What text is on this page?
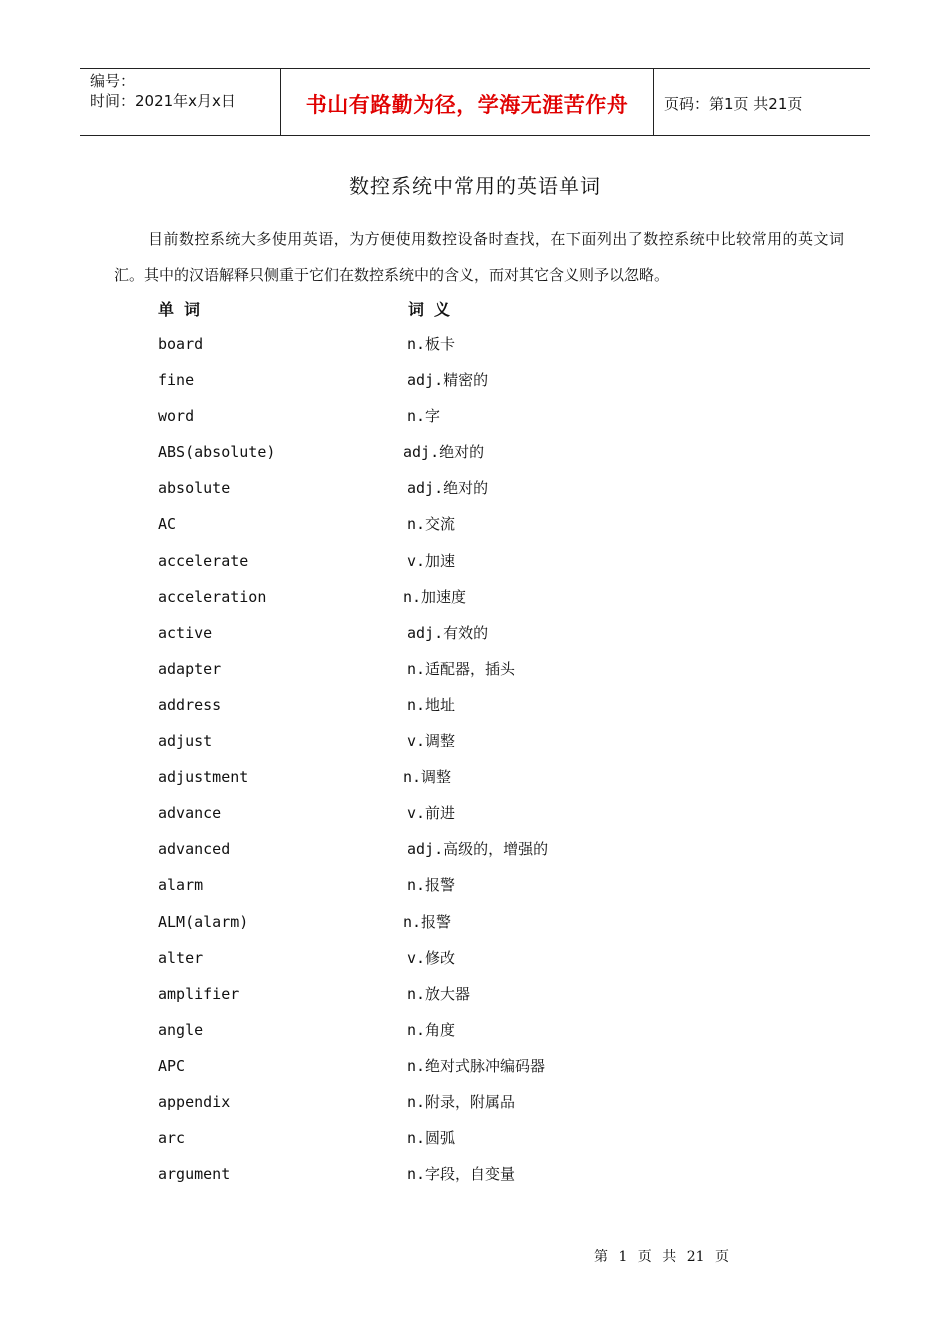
编号：
时间：2021年x月x日	书山有路勤为径，学海无涯苦作舟	页码：第1页 共21页
数控系统中常用的英语单词
目前数控系统大多使用英语，为方便使用数控设备时查找，在下面列出了数控系统中比较常用的英文词汇。其中的汉语解释只侧重于它们在数控系统中的含义，而对其它含义则予以忽略。
单词	词义
board	n.板卡
fine	adj.精密的
word	n.字
ABS(absolute)	adj.绝对的
absolute	adj.绝对的
AC	n.交流
accelerate	v.加速
acceleration	n.加速度
active	adj.有效的
adapter	n.适配器，插头
address	n.地址
adjust	v.调整
adjustment	n.调整
advance	v.前进
advanced	adj.高级的，增强的
alarm	n.报警
ALM(alarm)	n.报警
alter	v.修改
amplifier	n.放大器
angle	n.角度
APC	n.绝对式脉冲编码器
appendix	n.附录，附属品
arc	n.圆弧
argument	n.字段，自变量
第 1 页 共 21 页
